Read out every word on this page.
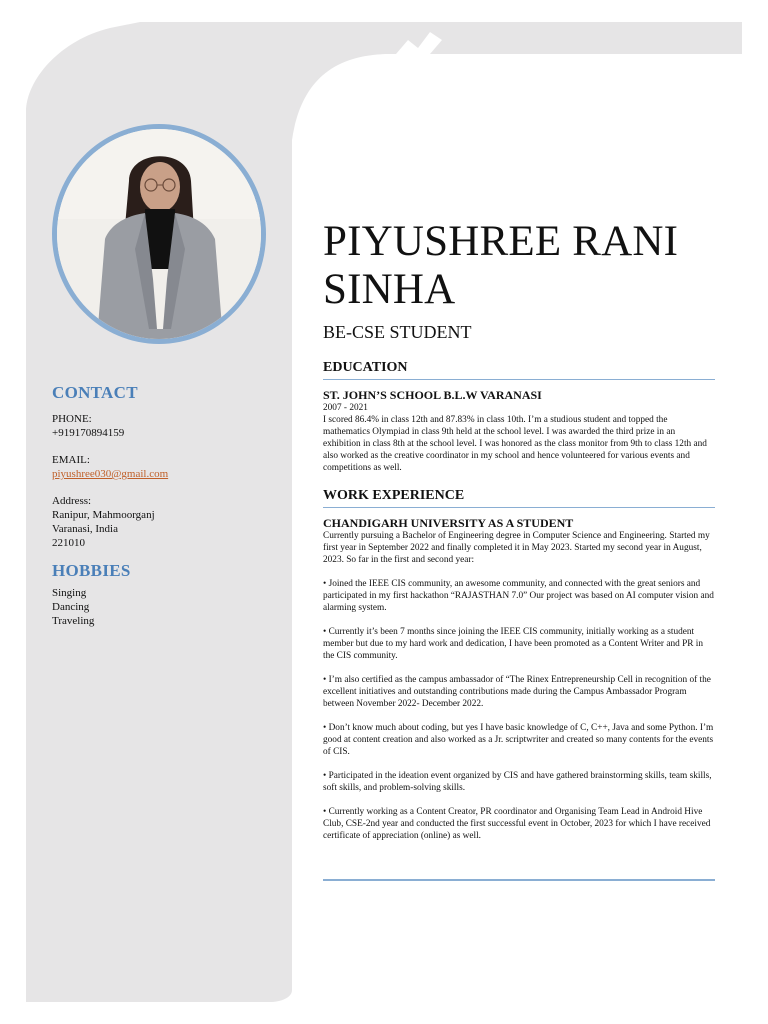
CONTACT
PHONE:
+919170894159
EMAIL:
piyushree030@gmail.com
Address:
Ranipur, Mahmoorganj
Varanasi, India
221010
HOBBIES
Singing
Dancing
Traveling
PIYUSHREE RANI SINHA
BE-CSE STUDENT
EDUCATION
ST. JOHN’S SCHOOL B.L.W VARANASI
2007 - 2021
I scored 86.4% in class 12th and 87.83% in class 10th. I’m a studious student and topped the mathematics Olympiad in class 9th held at the school level. I was awarded the third prize in an exhibition in class 8th at the school level. I was honored as the class monitor from 9th to class 12th and also worked as the creative coordinator in my school and hence volunteered for various events and competitions as well.
WORK EXPERIENCE
CHANDIGARH UNIVERSITY AS A STUDENT
Currently pursuing a Bachelor of Engineering degree in Computer Science and Engineering. Started my first year in September 2022 and finally completed it in May 2023. Started my second year in August, 2023. So far in the first and second year:
• Joined the IEEE CIS community, an awesome community, and connected with the great seniors and participated in my first hackathon “RAJASTHAN 7.0” Our project was based on AI computer vision and alarming system.
• Currently it’s been 7 months since joining the IEEE CIS community, initially working as a student member but due to my hard work and dedication, I have been promoted as a Content Writer and PR in the CIS community.
• I’m also certified as the campus ambassador of “The Rinex Entrepreneurship Cell in recognition of the excellent initiatives and outstanding contributions made during the Campus Ambassador Program between November 2022- December 2022.
• Don’t know much about coding, but yes I have basic knowledge of C, C++, Java and some Python. I’m good at content creation and also worked as a Jr. scriptwriter and created so many contents for the events of CIS.
• Participated in the ideation event organized by CIS and have gathered brainstorming skills, team skills, soft skills, and problem-solving skills.
• Currently working as a Content Creator, PR coordinator and Organising Team Lead in Android Hive Club, CSE-2nd year and conducted the first successful event in October, 2023 for which I have received certificate of appreciation (online) as well.
